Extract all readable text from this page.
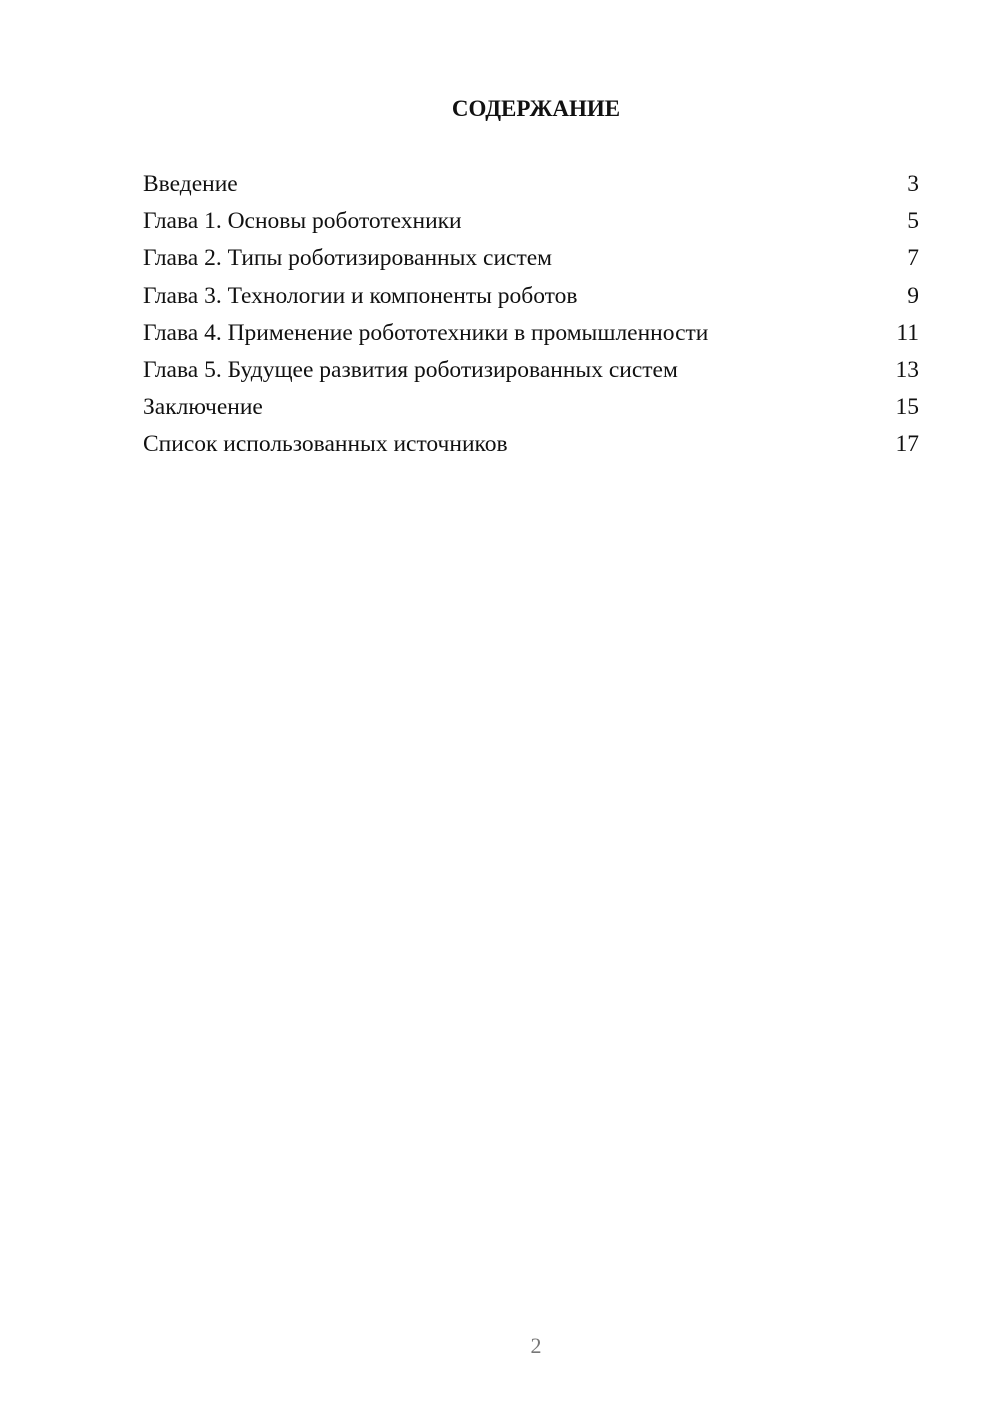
СОДЕРЖАНИЕ
Введение	3
Глава 1. Основы робототехники	5
Глава 2. Типы роботизированных систем	7
Глава 3. Технологии и компоненты роботов	9
Глава 4. Применение робототехники в промышленности	11
Глава 5. Будущее развития роботизированных систем	13
Заключение	15
Список использованных источников	17
2
